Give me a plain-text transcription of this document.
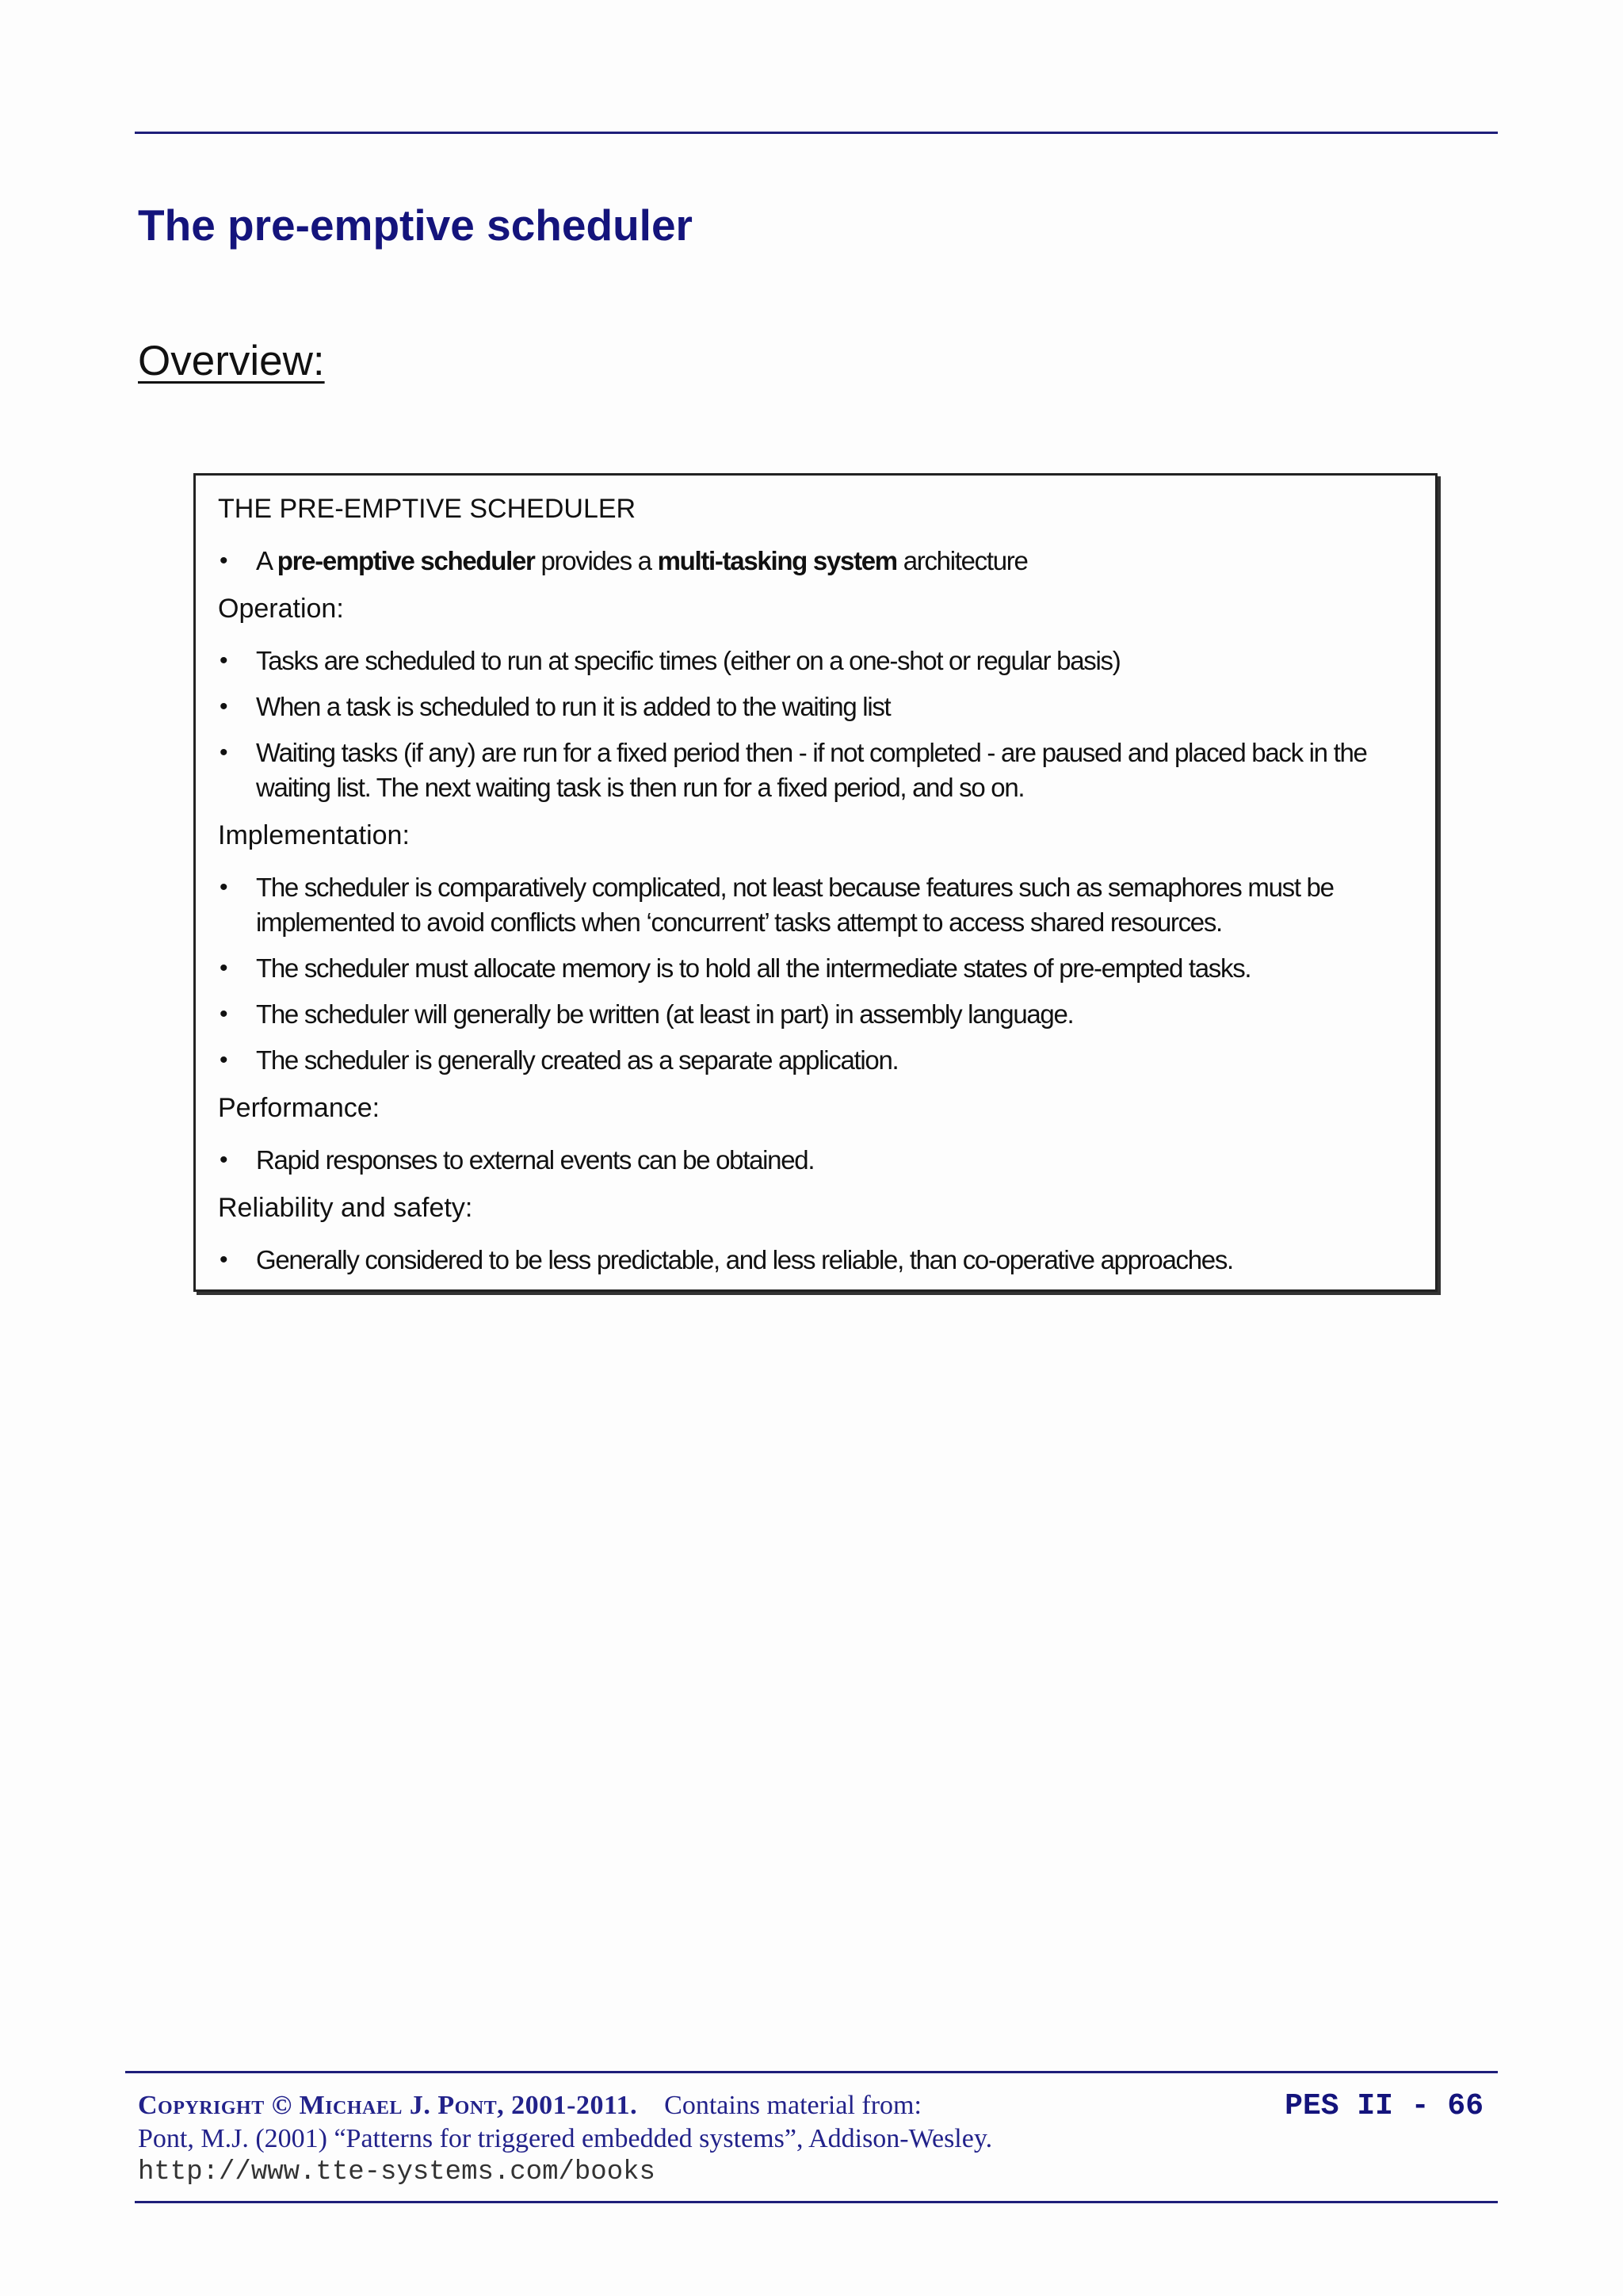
The pre-emptive scheduler
Overview:
THE PRE-EMPTIVE SCHEDULER
• A pre-emptive scheduler provides a multi-tasking system architecture
Operation:
• Tasks are scheduled to run at specific times (either on a one-shot or regular basis)
• When a task is scheduled to run it is added to the waiting list
• Waiting tasks (if any) are run for a fixed period then - if not completed - are paused and placed back in the waiting list. The next waiting task is then run for a fixed period, and so on.
Implementation:
• The scheduler is comparatively complicated, not least because features such as semaphores must be implemented to avoid conflicts when ‘concurrent’ tasks attempt to access shared resources.
• The scheduler must allocate memory is to hold all the intermediate states of pre-empted tasks.
• The scheduler will generally be written (at least in part) in assembly language.
• The scheduler is generally created as a separate application.
Performance:
• Rapid responses to external events can be obtained.
Reliability and safety:
• Generally considered to be less predictable, and less reliable, than co-operative approaches.
Copyright © Michael J. Pont, 2001-2011. Contains material from:
Pont, M.J. (2001) “Patterns for triggered embedded systems”, Addison-Wesley.
http://www.tte-systems.com/books
PES II - 66
